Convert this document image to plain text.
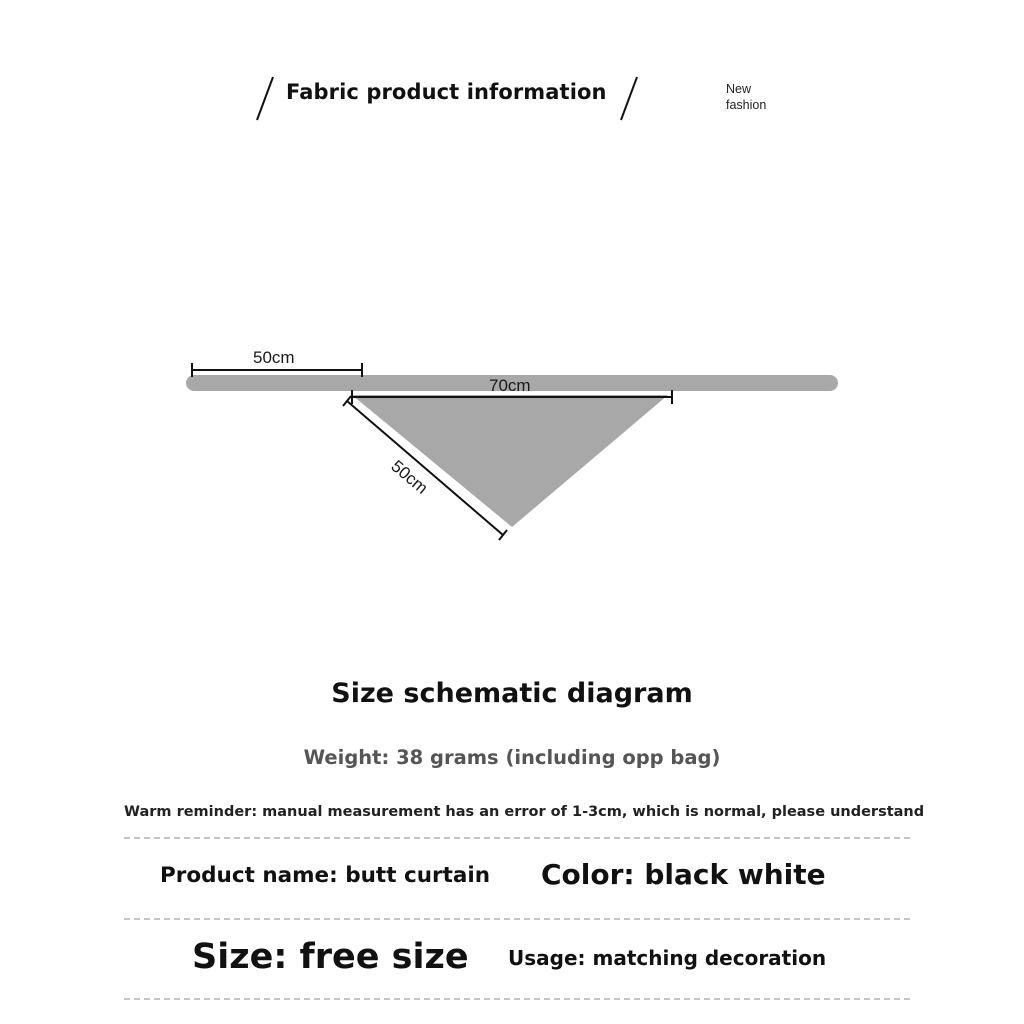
Fabric product information	New
fashion
50cm
70cm
50cm
Size schematic diagram
Weight: 38 grams (including opp bag)
Warm reminder: manual measurement has an error of 1-3cm, which is normal, please understand
Product name: butt curtain Color: black white
Size: free size Usage: matching decoration
